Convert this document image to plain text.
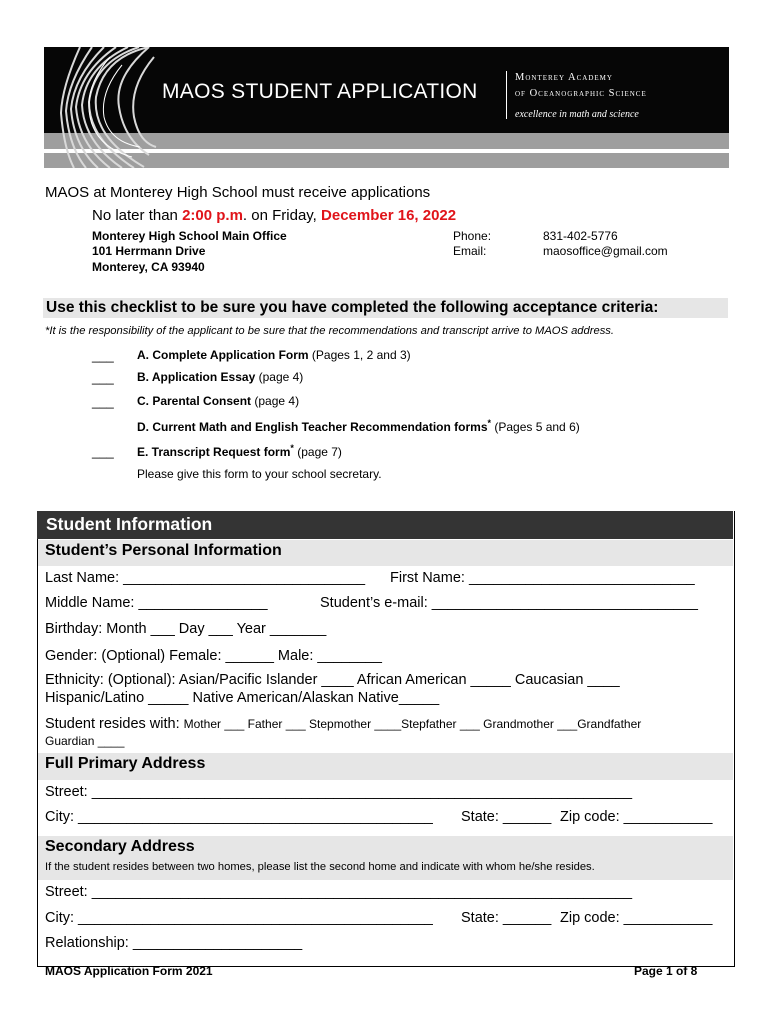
MAOS STUDENT APPLICATION
Monterey Academy
of Oceanographic Science
excellence in math and science
MAOS at Monterey High School must receive applications
No later than 2:00 p.m. on Friday, December 16, 2022
Monterey High School Main Office
101 Herrmann Drive
Monterey, CA 93940
Phone:
Email:
831-402-5776
maosoffice@gmail.com
Use this checklist to be sure you have completed the following acceptance criteria:
*It is the responsibility of the applicant to be sure that the recommendations and transcript arrive to MAOS address.
___ A. Complete Application Form (Pages 1, 2 and 3)
___ B. Application Essay (page 4)
___ C. Parental Consent (page 4)
D. Current Math and English Teacher Recommendation forms* (Pages 5 and 6)
___ E. Transcript Request form* (page 7)
Please give this form to your school secretary.
Student Information
Student’s Personal Information
Last Name: ______________________________ First Name: ____________________________
Middle Name: ________________	Student’s e-mail: _________________________________
Birthday: Month ___ Day ___ Year _______
Gender: (Optional) Female: ______ Male: ________
Ethnicity: (Optional): Asian/Pacific Islander ____ African American _____ Caucasian ____
Hispanic/Latino _____ Native American/Alaskan Native_____
Student resides with: Mother ___ Father ___ Stepmother ____Stepfather ___ Grandmother ___Grandfather
Guardian ____
Full Primary Address
Street: ___________________________________________________________________
City: ____________________________________________ State: ______ Zip code: ___________
Secondary Address
If the student resides between two homes, please list the second home and indicate with whom he/she resides.
Street: ___________________________________________________________________
City: ____________________________________________ State: ______ Zip code: ___________
Relationship: _____________________
MAOS Application Form 2021	Page 1 of 8
